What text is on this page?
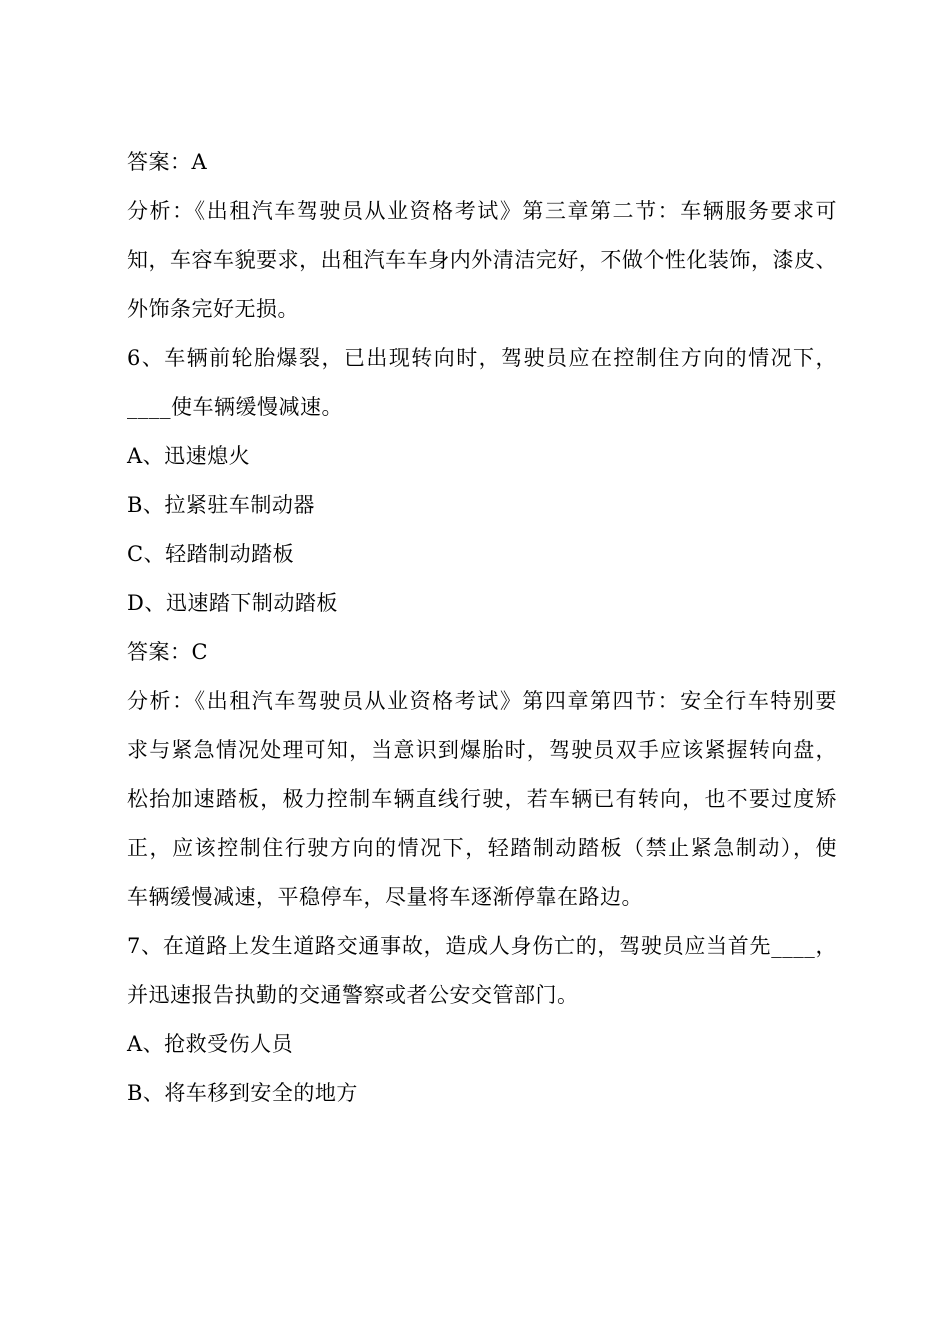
答案：A

分析：《出租汽车驾驶员从业资格考试》第三章第二节：车辆服务要求可

知，车容车貌要求，出租汽车车身内外清洁完好，不做个性化装饰，漆皮、

外饰条完好无损。

6、车辆前轮胎爆裂，已出现转向时，驾驶员应在控制住方向的情况下，

____使车辆缓慢减速。

A、迅速熄火

B、拉紧驻车制动器

C、轻踏制动踏板

D、迅速踏下制动踏板

答案：C

分析：《出租汽车驾驶员从业资格考试》第四章第四节：安全行车特别要

求与紧急情况处理可知，当意识到爆胎时，驾驶员双手应该紧握转向盘，

松抬加速踏板，极力控制车辆直线行驶，若车辆已有转向，也不要过度矫

正，应该控制住行驶方向的情况下，轻踏制动踏板（禁止紧急制动），使

车辆缓慢减速，平稳停车，尽量将车逐渐停靠在路边。

7、在道路上发生道路交通事故，造成人身伤亡的，驾驶员应当首先____，

并迅速报告执勤的交通警察或者公安交管部门。

A、抢救受伤人员

B、将车移到安全的地方
